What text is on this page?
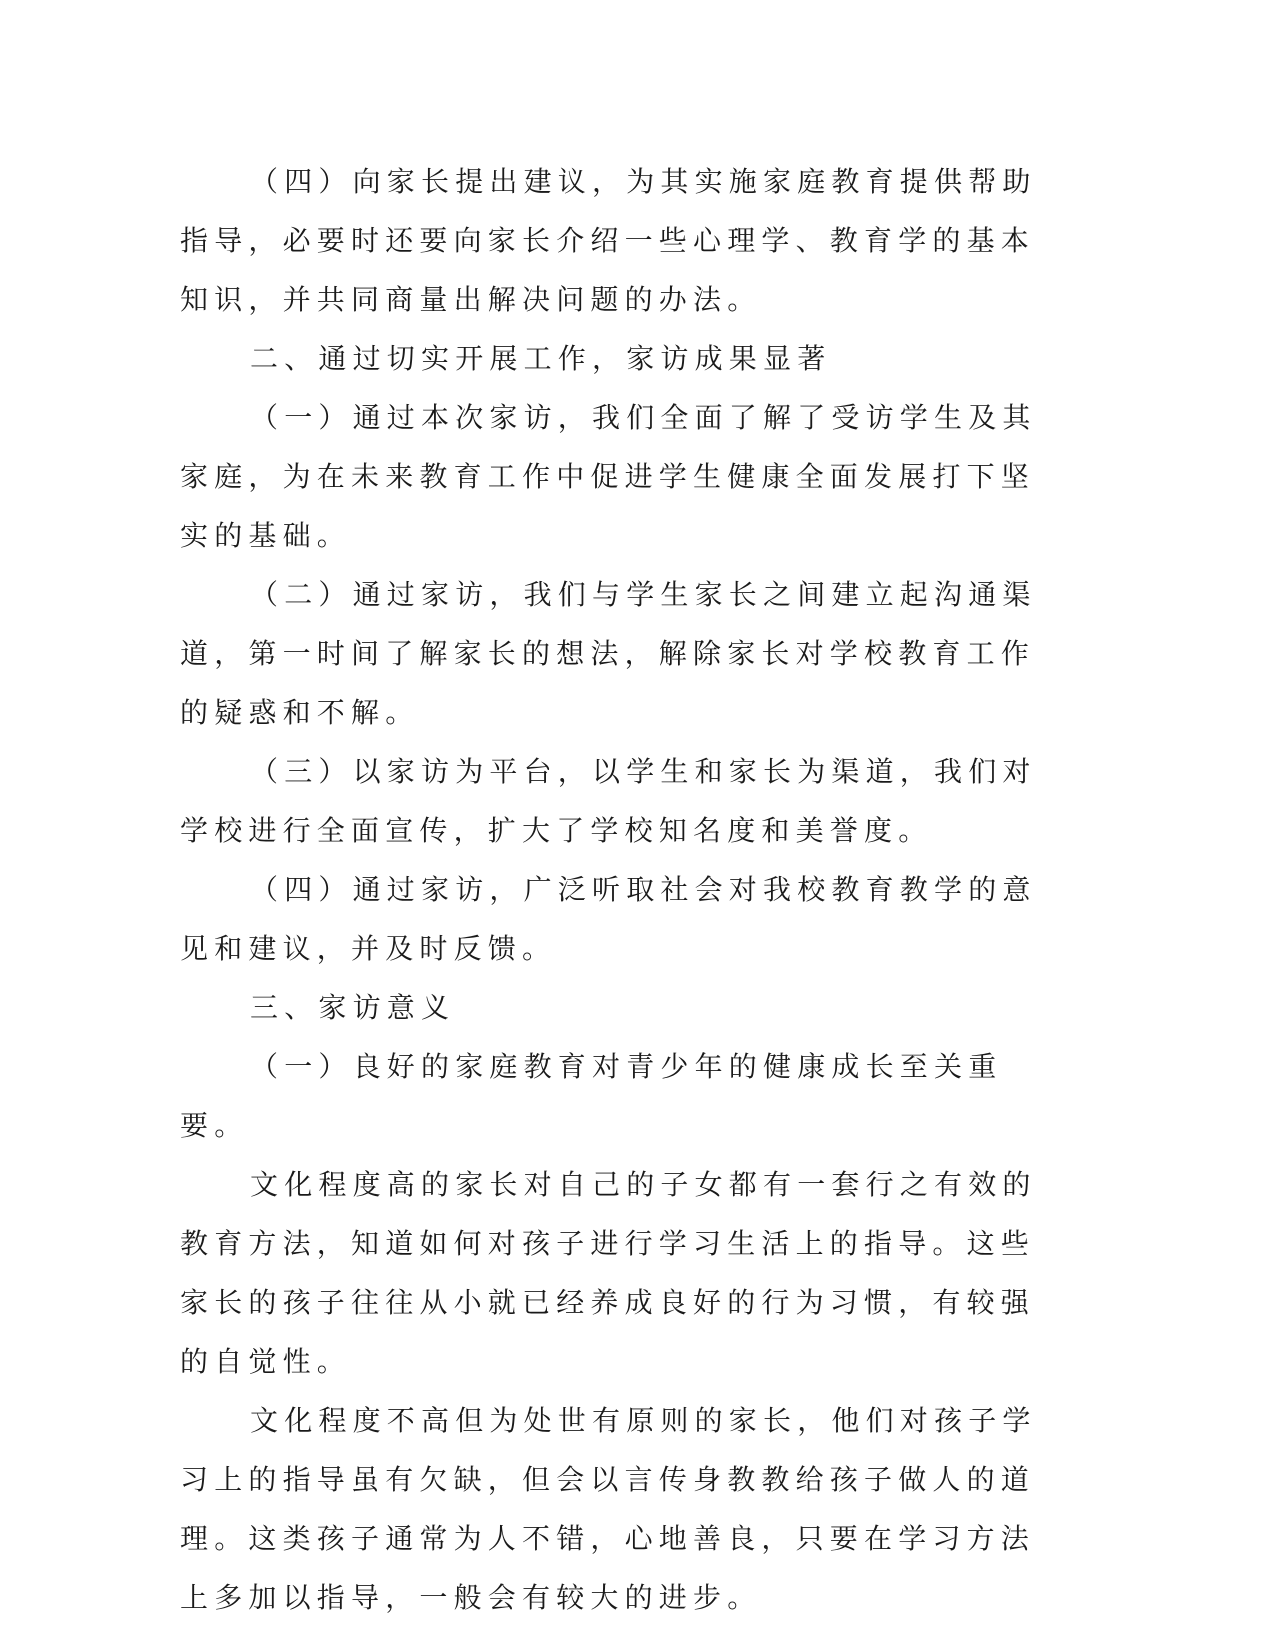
（四）向家长提出建议，为其实施家庭教育提供帮助指导，必要时还要向家长介绍一些心理学、教育学的基本知识，并共同商量出解决问题的办法。

二、通过切实开展工作，家访成果显著

（一）通过本次家访，我们全面了解了受访学生及其家庭，为在未来教育工作中促进学生健康全面发展打下坚实的基础。

（二）通过家访，我们与学生家长之间建立起沟通渠道，第一时间了解家长的想法，解除家长对学校教育工作的疑惑和不解。

（三）以家访为平台，以学生和家长为渠道，我们对学校进行全面宣传，扩大了学校知名度和美誉度。

（四）通过家访，广泛听取社会对我校教育教学的意见和建议，并及时反馈。

三、家访意义

（一）良好的家庭教育对青少年的健康成长至关重要。

文化程度高的家长对自己的子女都有一套行之有效的教育方法，知道如何对孩子进行学习生活上的指导。这些家长的孩子往往从小就已经养成良好的行为习惯，有较强的自觉性。

文化程度不高但为处世有原则的家长，他们对孩子学习上的指导虽有欠缺，但会以言传身教教给孩子做人的道理。这类孩子通常为人不错，心地善良，只要在学习方法上多加以指导，一般会有较大的进步。
